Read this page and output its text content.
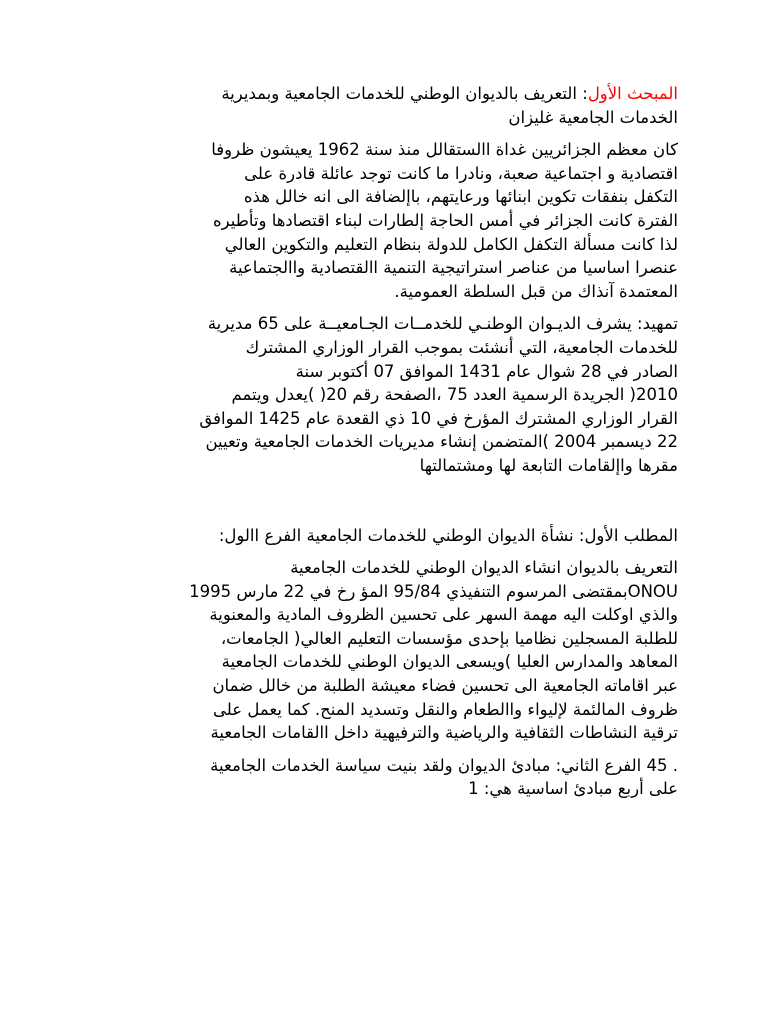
المبحث الأول: التعريف بالديوان الوطني للخدمات الجامعية وبمديرية
الخدمات الجامعية غليزان

كان معظم الجزائريين غداة االستقالل منذ سنة 1962 يعيشون ظروفا
اقتصادية و اجتماعية صعبة، ونادرا ما كانت توجد عائلة قادرة على
التكفل بنفقات تكوين ابنائها ورعايتهم، باإلضافة الى انه خالل هذه
الفترة كانت الجزائر في أمس الحاجة إلطارات لبناء اقتصادها وتأطيره
لذا كانت مسألة التكفل الكامل للدولة بنظام التعليم والتكوين العالي
عنصرا اساسيا من عناصر استراتيجية التنمية االقتصادية واالجتماعية
المعتمدة آنذاك من قبل السلطة العمومية.

تمهيد: يشرف الديـوان الوطنـي للخدمــات الجـامعيــة على 65 مديرية
للخدمات الجامعية، التي أنشئت بموجب القرار الوزاري المشترك
الصادر في 28 شوال عام 1431 الموافق 07 أكتوبر سنة
2010( الجريدة الرسمية العدد 75 ،الصفحة رقم 20( )يعدل ويتمم
القرار الوزاري المشترك المؤرخ في 10 ذي القعدة عام 1425 الموافق
22 ديسمبر 2004 )المتضمن إنشاء مديريات الخدمات الجامعية وتعيين
مقرها واإلقامات التابعة لها ومشتمالتها

المطلب الأول: نشأة الديوان الوطني للخدمات الجامعية الفرع االول:

التعريف بالديوان انشاء الديوان الوطني للخدمات الجامعية
ONOUبمقتضى المرسوم التنفيذي 95/84 المؤ رخ في 22 مارس 1995
والذي اوكلت اليه مهمة السهر على تحسين الظروف المادية والمعنوية
للطلبة المسجلين نظاميا بإحدى مؤسسات التعليم العالي( الجامعات،
المعاهد والمدارس العليا )ويسعى الديوان الوطني للخدمات الجامعية
عبر اقاماته الجامعية الى تحسين فضاء معيشة الطلبة من خالل ضمان
ظروف المالئمة لإليواء واالطعام والنقل وتسديد المنح. كما يعمل على
ترقية النشاطات الثقافية والرياضية والترفيهية داخل االقامات الجامعية

. 45 الفرع الثاني: مبادئ الديوان ولقد بنيت سياسة الخدمات الجامعية
على أربع مبادئ اساسية هي: 1
